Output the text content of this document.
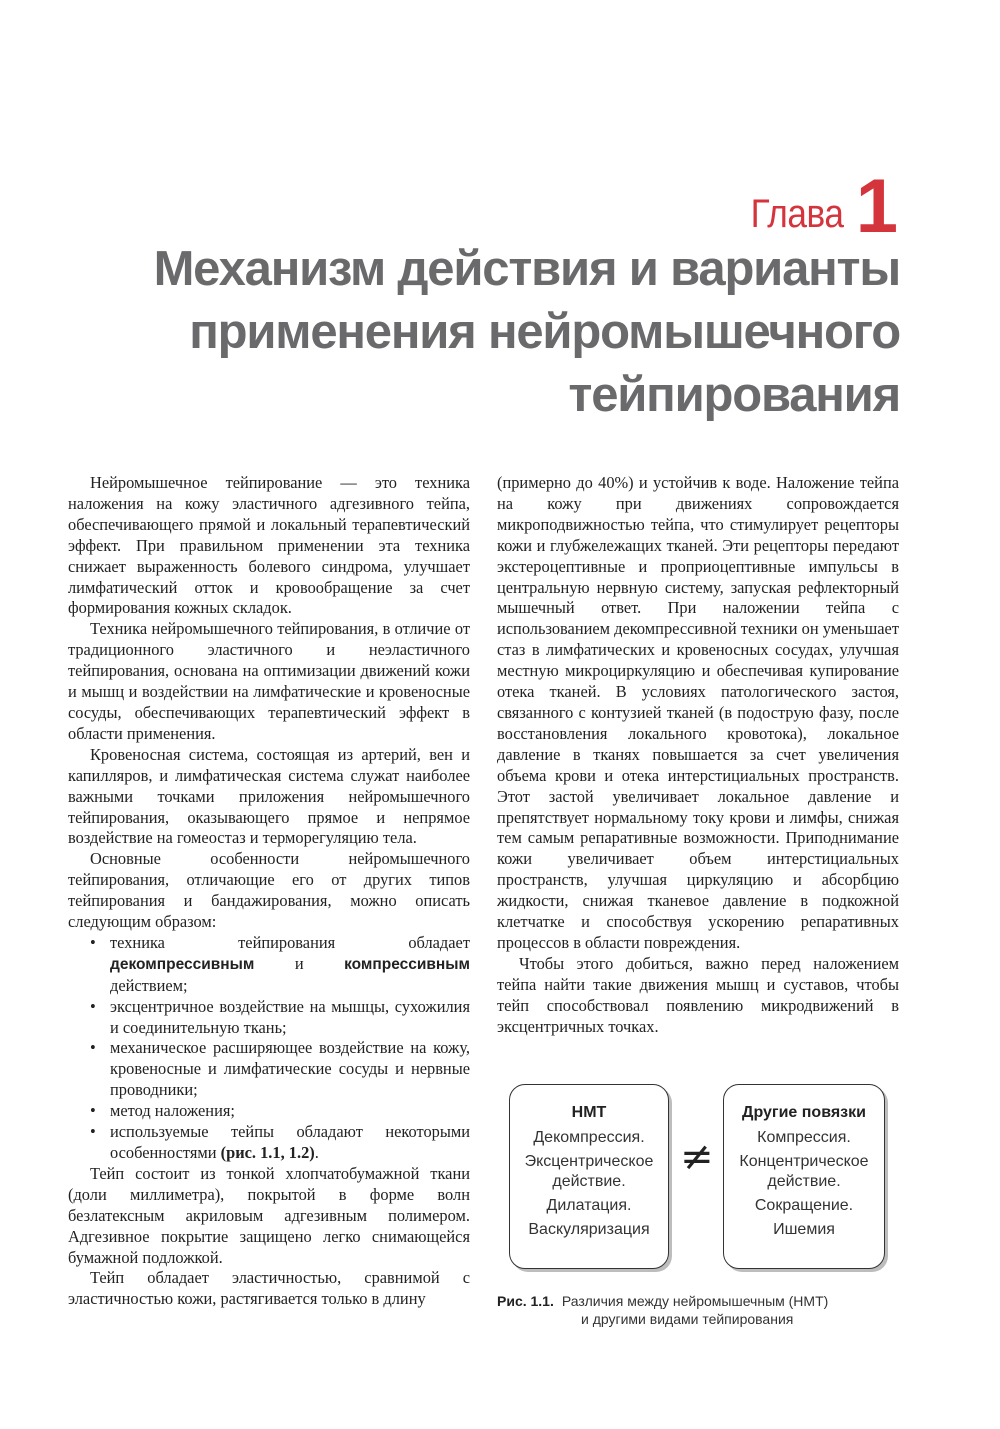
Глава 1
Механизм действия и варианты
применения нейромышечного
тейпирования

Нейромышечное тейпирование — это техника наложения на кожу эластичного адгезивного тейпа, обеспечивающего прямой и локальный терапевтический эффект. При правильном применении эта техника снижает выраженность болевого синдрома, улучшает лимфатический отток и кровообращение за счет формирования кожных складок.

Техника нейромышечного тейпирования, в отличие от традиционного эластичного и неэластичного тейпирования, основана на оптимизации движений кожи и мышц и воздействии на лимфатические и кровеносные сосуды, обеспечивающих терапевтический эффект в области применения.

Кровеносная система, состоящая из артерий, вен и капилляров, и лимфатическая система служат наиболее важными точками приложения нейромышечного тейпирования, оказывающего прямое и непрямое воздействие на гомеостаз и терморегуляцию тела.

Основные особенности нейромышечного тейпирования, отличающие его от других типов тейпирования и бандажирования, можно описать следующим образом:

• техника тейпирования обладает декомпрессивным и компрессивным действием;
• эксцентричное воздействие на мышцы, сухожилия и соединительную ткань;
• механическое расширяющее воздействие на кожу, кровеносные и лимфатические сосуды и нервные проводники;
• метод наложения;
• используемые тейпы обладают некоторыми особенностями (рис. 1.1, 1.2).

Тейп состоит из тонкой хлопчатобумажной ткани (доли миллиметра), покрытой в форме волн безлатексным акриловым адгезивным полимером. Адгезивное покрытие защищено легко снимающейся бумажной подложкой.

Тейп обладает эластичностью, сравнимой с эластичностью кожи, растягивается только в длину

(примерно до 40%) и устойчив к воде. Наложение тейпа на кожу при движениях сопровождается микроподвижностью тейпа, что стимулирует рецепторы кожи и глубжележащих тканей. Эти рецепторы передают экстероцептивные и проприоцептивные импульсы в центральную нервную систему, запуская рефлекторный мышечный ответ. При наложении тейпа с использованием декомпрессивной техники он уменьшает стаз в лимфатических и кровеносных сосудах, улучшая местную микроциркуляцию и обеспечивая купирование отека тканей. В условиях патологического застоя, связанного с контузией тканей (в подострую фазу, после восстановления локального кровотока), локальное давление в тканях повышается за счет увеличения объема крови и отека интерстициальных пространств. Этот застой увеличивает локальное давление и препятствует нормальному току крови и лимфы, снижая тем самым репаративные возможности. Приподнимание кожи увеличивает объем интерстициальных пространств, улучшая циркуляцию и абсорбцию жидкости, снижая тканевое давление в подкожной клетчатке и способствуя ускорению репаративных процессов в области повреждения.

Чтобы этого добиться, важно перед наложением тейпа найти такие движения мышц и суставов, чтобы тейп способствовал появлению микродвижений в эксцентричных точках.

НМТ
Декомпрессия.
Эксцентрическое
действие.
Дилатация.
Васкуляризация
≠
Другие повязки
Компрессия.
Концентрическое
действие.
Сокращение.
Ишемия
Рис. 1.1. Различия между нейромышечным (НМТ)
и другими видами тейпирования
